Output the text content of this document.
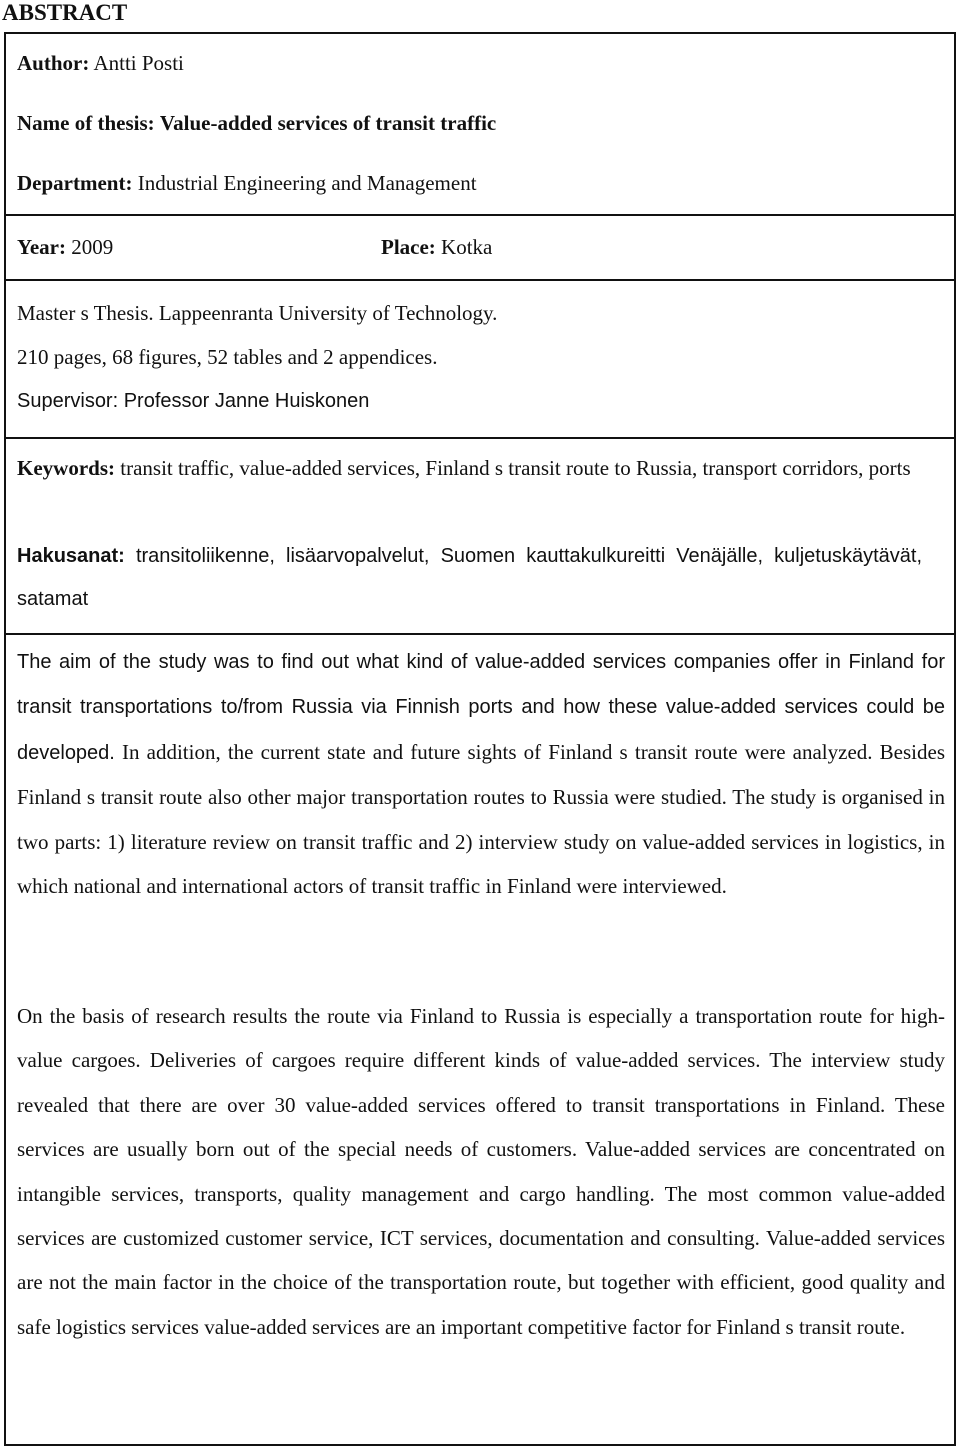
ABSTRACT
Author: Antti Posti
Name of thesis: Value-added services of transit traffic
Department: Industrial Engineering and Management
Year: 2009	Place: Kotka
Master s Thesis. Lappeenranta University of Technology.
210 pages, 68 figures, 52 tables and 2 appendices.
Supervisor: Professor Janne Huiskonen
Keywords: transit traffic, value-added services, Finland s transit route to Russia, transport corridors, ports
Hakusanat: transitoliikenne, lisäarvopalvelut, Suomen kauttakulkureitti Venäjälle, kuljetuskäytävät, satamat
The aim of the study was to find out what kind of value-added services companies offer in Finland for transit transportations to/from Russia via Finnish ports and how these value-added services could be developed. In addition, the current state and future sights of Finland s transit route were analyzed. Besides Finland s transit route also other major transportation routes to Russia were studied. The study is organised in two parts: 1) literature review on transit traffic and 2) interview study on value-added services in logistics, in which national and international actors of transit traffic in Finland were interviewed.
On the basis of research results the route via Finland to Russia is especially a transportation route for high-value cargoes. Deliveries of cargoes require different kinds of value-added services. The interview study revealed that there are over 30 value-added services offered to transit transportations in Finland. These services are usually born out of the special needs of customers. Value-added services are concentrated on intangible services, transports, quality management and cargo handling. The most common value-added services are customized customer service, ICT services, documentation and consulting. Value-added services are not the main factor in the choice of the transportation route, but together with efficient, good quality and safe logistics services value-added services are an important competitive factor for Finland s transit route.
